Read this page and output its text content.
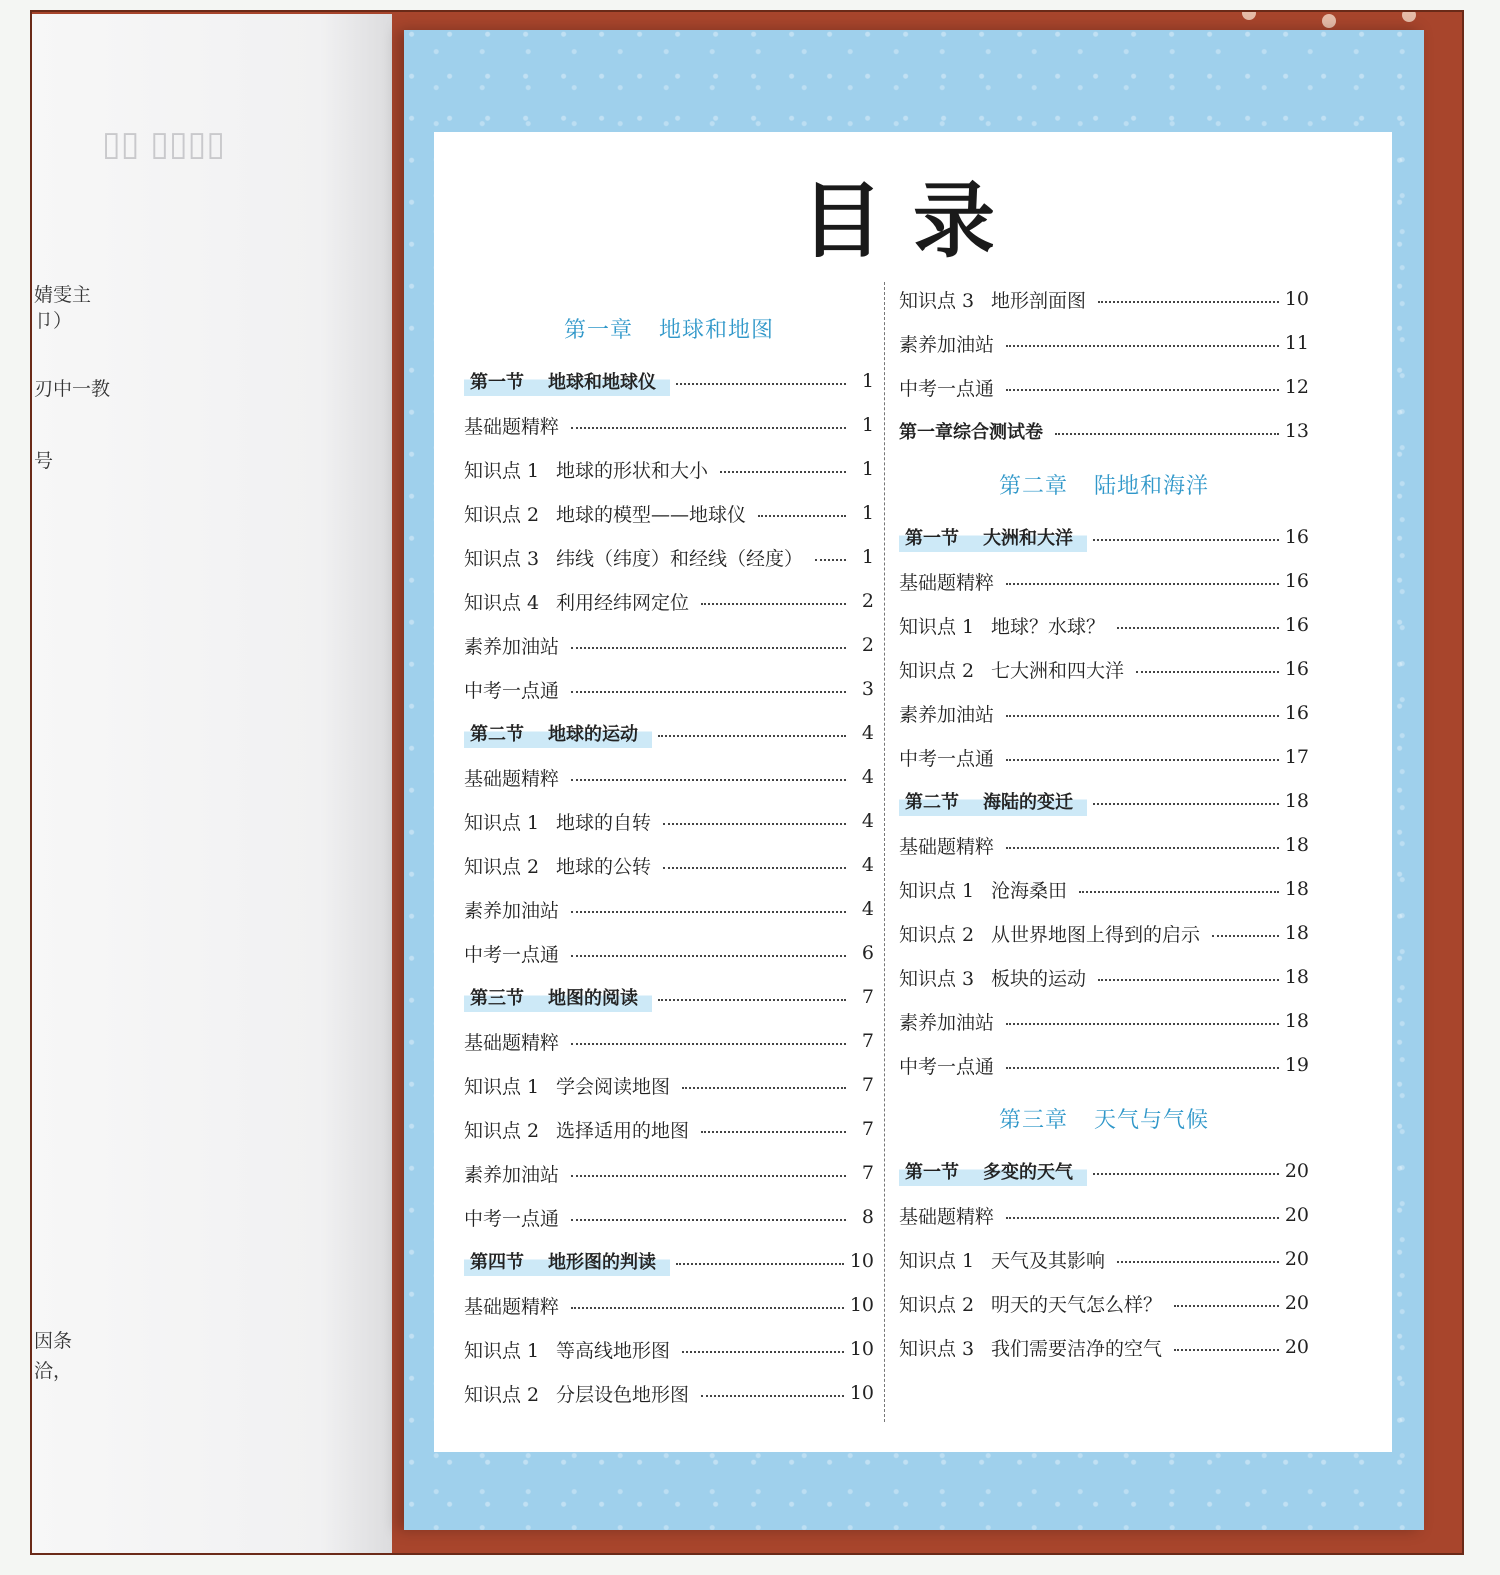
▯▯ ▯▯▯▯
婧雯主
卩）
刃中一教
号
因条
洽，
目录
第一章 地球和地图
第一节 地球和地球仪	1
基础题精粹	1
知识点 1 地球的形状和大小	1
知识点 2 地球的模型——地球仪	1
知识点 3 纬线（纬度）和经线（经度）	1
知识点 4 利用经纬网定位	2
素养加油站	2
中考一点通	3
第二节 地球的运动	4
基础题精粹	4
知识点 1 地球的自转	4
知识点 2 地球的公转	4
素养加油站	4
中考一点通	6
第三节 地图的阅读	7
基础题精粹	7
知识点 1 学会阅读地图	7
知识点 2 选择适用的地图	7
素养加油站	7
中考一点通	8
第四节 地形图的判读	10
基础题精粹	10
知识点 1 等高线地形图	10
知识点 2 分层设色地形图	10
知识点 3 地形剖面图	10
素养加油站	11
中考一点通	12
第一章综合测试卷	13
第二章 陆地和海洋
第一节 大洲和大洋	16
基础题精粹	16
知识点 1 地球？水球？	16
知识点 2 七大洲和四大洋	16
素养加油站	16
中考一点通	17
第二节 海陆的变迁	18
基础题精粹	18
知识点 1 沧海桑田	18
知识点 2 从世界地图上得到的启示	18
知识点 3 板块的运动	18
素养加油站	18
中考一点通	19
第三章 天气与气候
第一节 多变的天气	20
基础题精粹	20
知识点 1 天气及其影响	20
知识点 2 明天的天气怎么样？	20
知识点 3 我们需要洁净的空气	20
